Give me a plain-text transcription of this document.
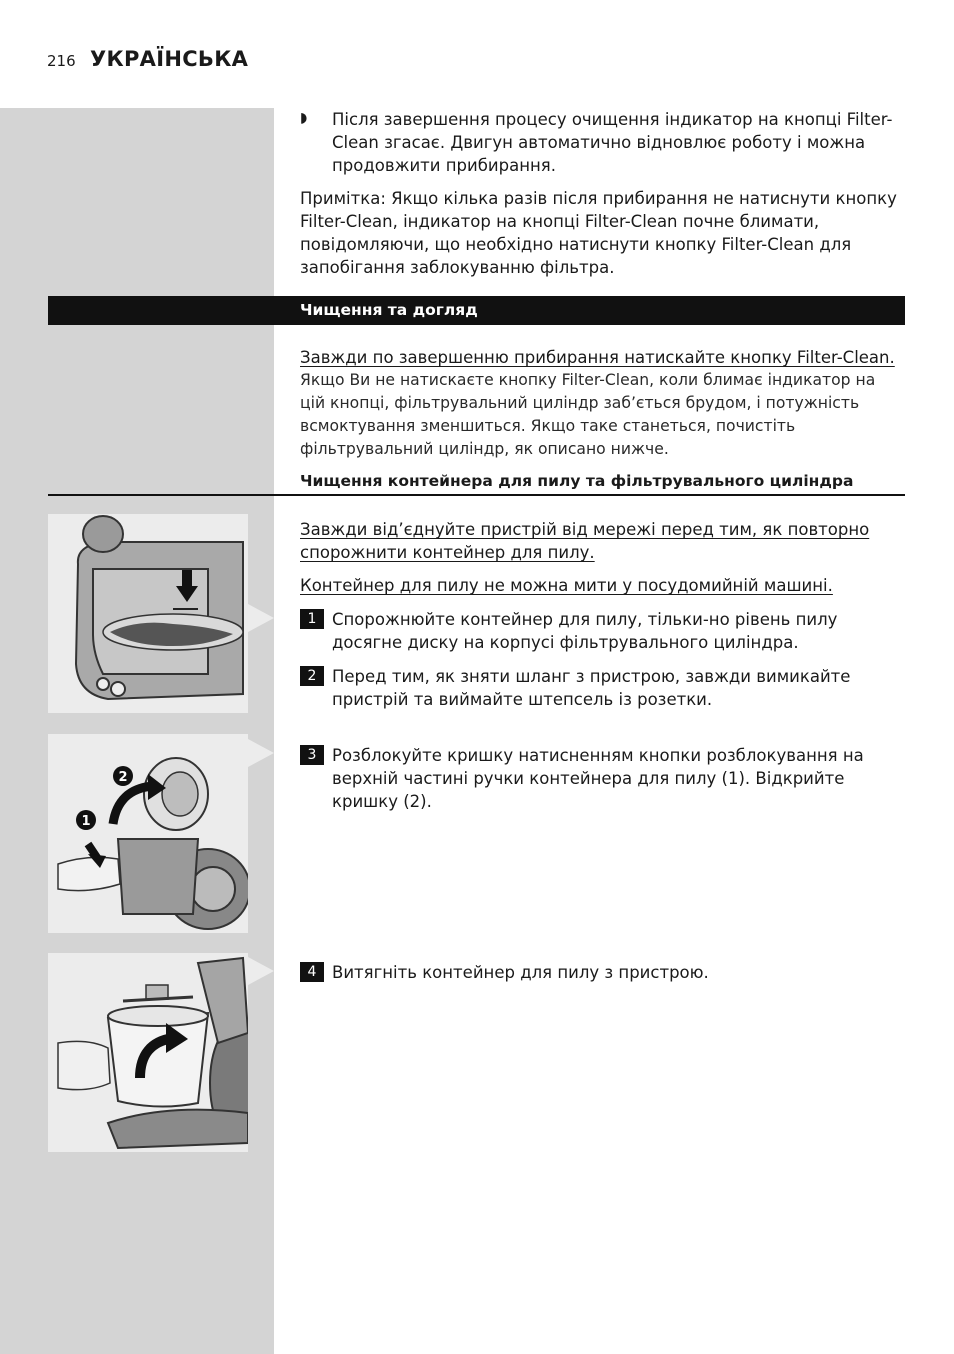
216 УКРАЇНСЬКА
◗ Після завершення процесу очищення індикатор на кнопці Filter-Clean згасає. Двигун автоматично відновлює роботу і можна продовжити прибирання.
Примітка: Якщо кілька разів після прибирання не натиснути кнопку Filter-Clean, індикатор на кнопці Filter-Clean почне блимати, повідомляючи, що необхідно натиснути кнопку Filter-Clean для запобігання заблокуванню фільтра.
Чищення та догляд
Завжди по завершенню прибирання натискайте кнопку Filter-Clean.
Якщо Ви не натискаєте кнопку Filter-Clean, коли блимає індикатор на цій кнопці, фільтрувальний циліндр заб’ється брудом, і потужність всмоктування зменшиться. Якщо таке станеться, почистіть фільтрувальний циліндр, як описано нижче.
Чищення контейнера для пилу та фільтрувального циліндра
Завжди від’єднуйте пристрій від мережі перед тим, як повторно спорожнити контейнер для пилу.
Контейнер для пилу не можна мити у посудомийній машині.
1 Спорожнюйте контейнер для пилу, тільки-но рівень пилу досягне диску на корпусі фільтрувального циліндра.
2 Перед тим, як зняти шланг з пристрою, завжди вимикайте пристрій та виймайте штепсель із розетки.
3 Розблокуйте кришку натисненням кнопки розблокування на верхній частині ручки контейнера для пилу (1). Відкрийте кришку (2).
4 Витягніть контейнер для пилу з пристрою.
2
1
